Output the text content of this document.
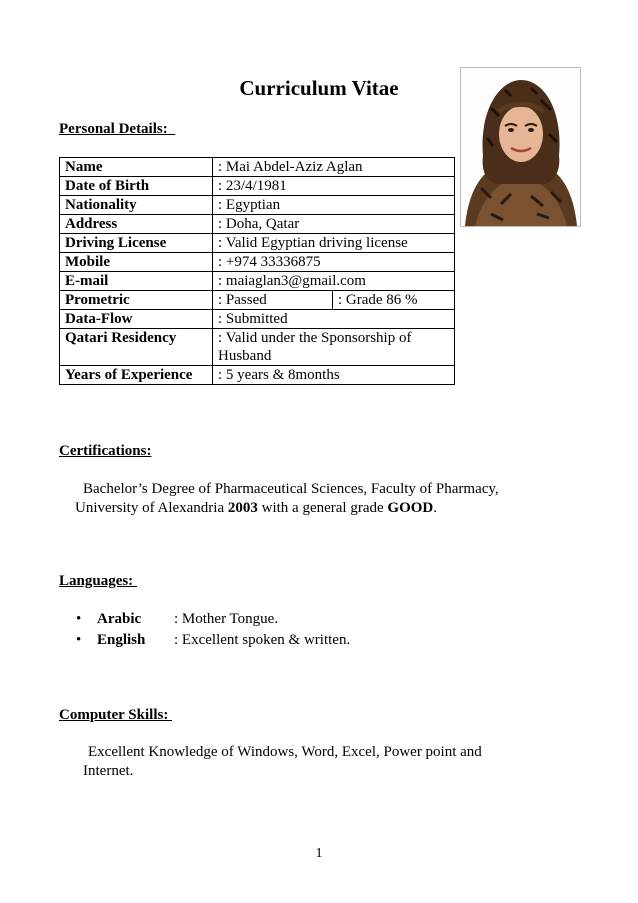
Curriculum Vitae
Personal Details:
Name	: Mai Abdel-Aziz Aglan	
Date of Birth	: 23/4/1981	
Nationality	: Egyptian	
Address	: Doha, Qatar	
Driving License	: Valid Egyptian driving license	
Mobile	: +974 33336875	
E-mail	: maiaglan3@gmail.com	
Prometric	: Passed	: Grade 86 %
Data-Flow	: Submitted	
Qatari Residency	: Valid under the Sponsorship of Husband	
Years of Experience	: 5 years & 8months	
Certifications:
Bachelor’s Degree of Pharmaceutical Sciences, Faculty of Pharmacy,
University of Alexandria 2003 with a general grade GOOD.
Languages:
• Arabic : Mother Tongue.
• English : Excellent spoken & written.
Computer Skills:
Excellent Knowledge of Windows, Word, Excel, Power point and
Internet.
1
